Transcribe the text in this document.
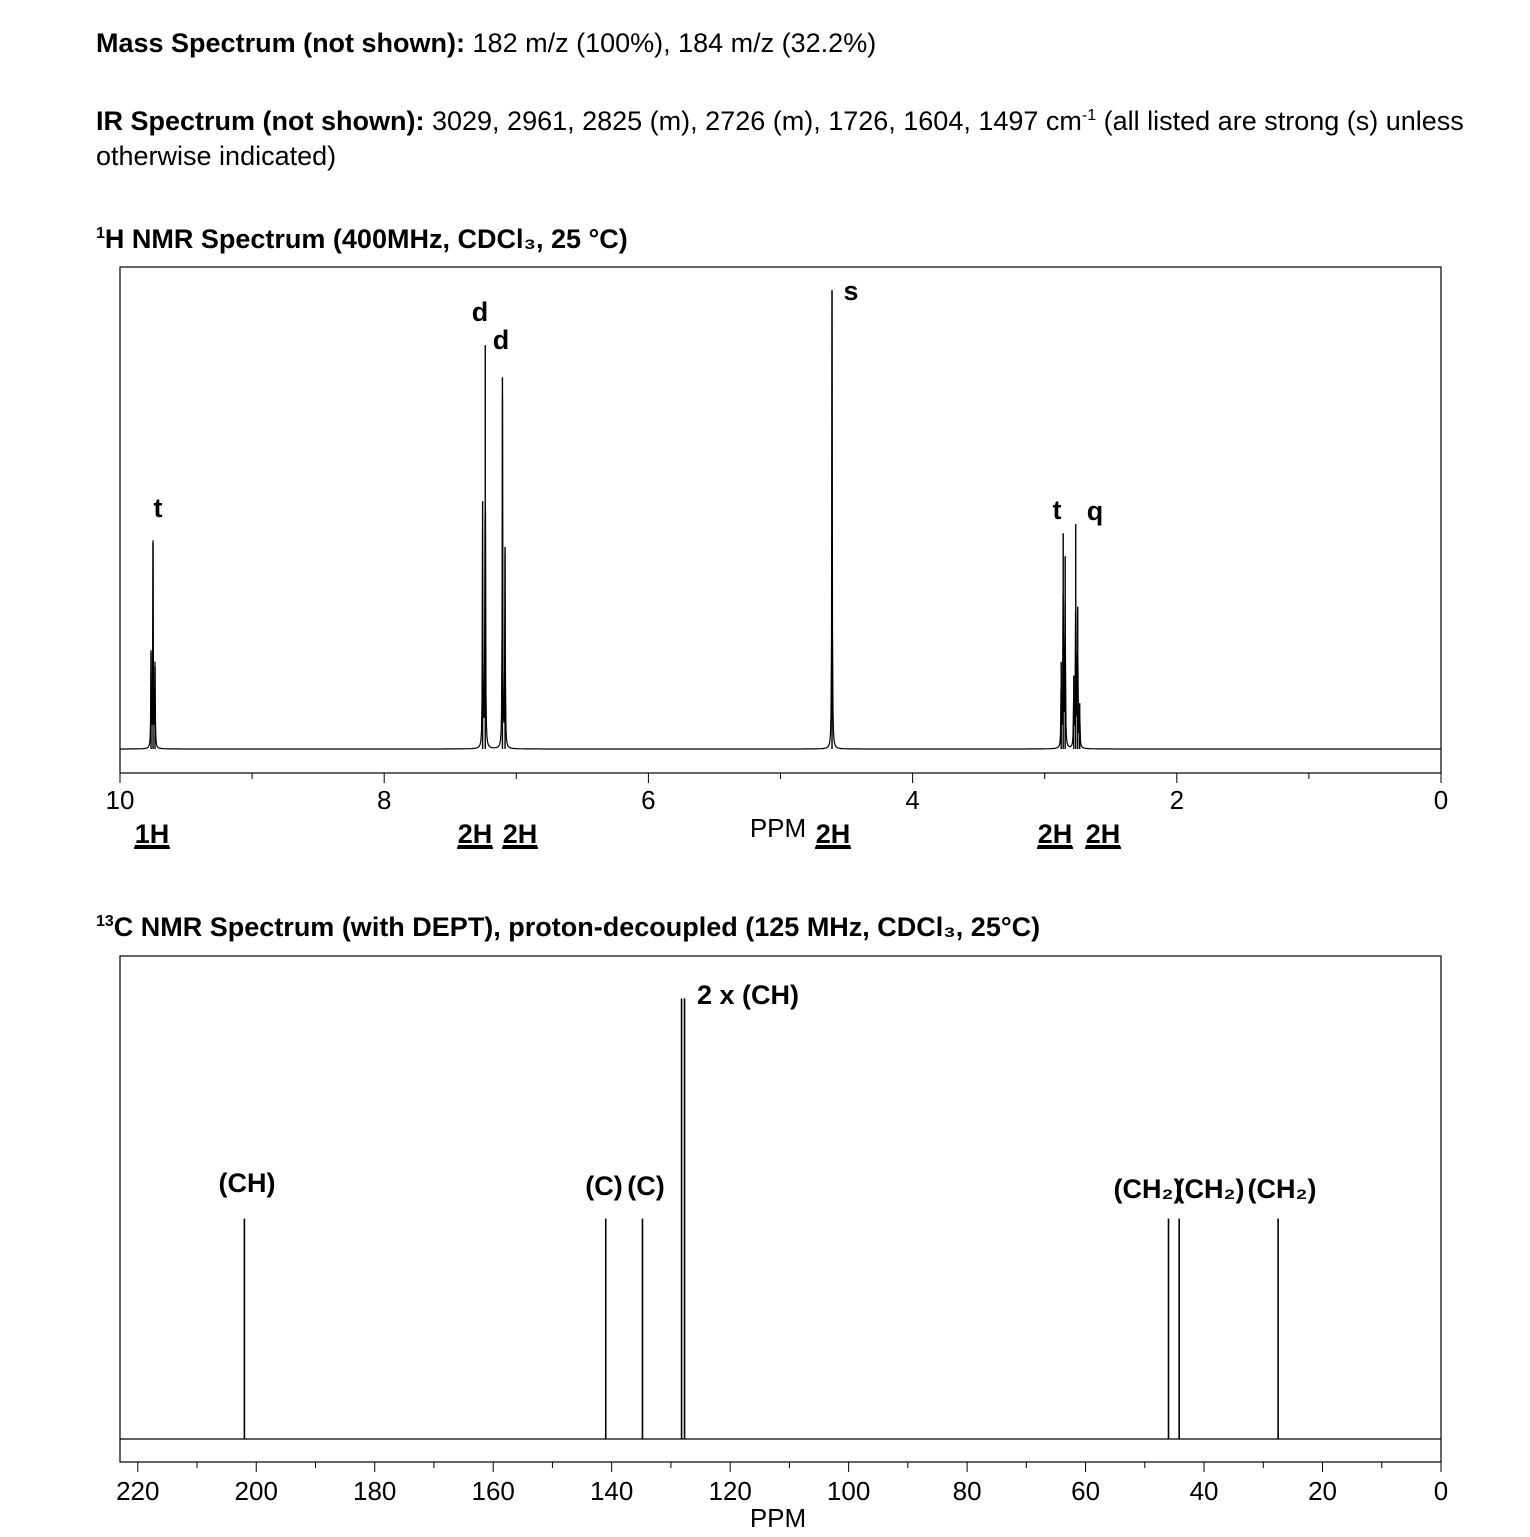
Mass Spectrum (not shown): 182 m/z (100%), 184 m/z (32.2%)
IR Spectrum (not shown): 3029, 2961, 2825 (m), 2726 (m), 1726, 1604, 1497 $cm^{-1}$ (all listed are strong (s) unless otherwise indicated)
$^1$H NMR Spectrum (400MHz, CDCl₃, 25 °C)
$^{13}$C NMR Spectrum (with DEPT), proton-decoupled (125 MHz, CDCl₃, 25°C)
10	8	6	4	2	0
PPM
t
d
d
s
t q
1H	2H 2H	2H	2H 2H
(CH)	(C) (C)
2 x (CH)
(CH₂)
(CH₂) (CH₂)
220	200	180	160	140	120	100	80	60	40	20	0
PPM
